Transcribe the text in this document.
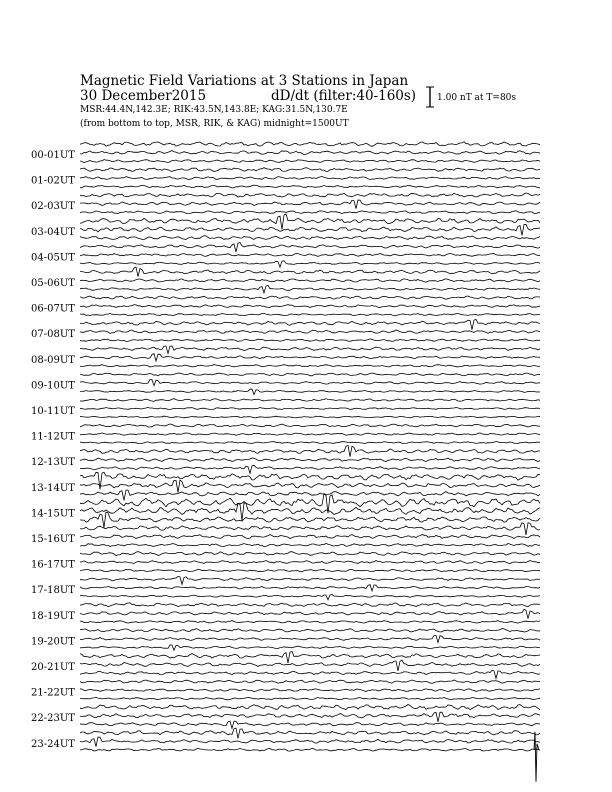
Magnetic Field Variations at 3 Stations in Japan
30 December2015	dD/dt (filter:40-160s)
MSR:44.4N,142.3E; RIK:43.5N,143.8E; KAG:31.5N,130.7E
(from bottom to top, MSR, RIK, & KAG) midnight=1500UT
1.00 nT at T=80s
00-01UT
01-02UT
02-03UT
03-04UT
04-05UT
05-06UT
06-07UT
07-08UT
08-09UT
09-10UT
10-11UT
11-12UT
12-13UT
13-14UT
14-15UT
15-16UT
16-17UT
17-18UT
18-19UT
19-20UT
20-21UT
21-22UT
22-23UT
23-24UT
